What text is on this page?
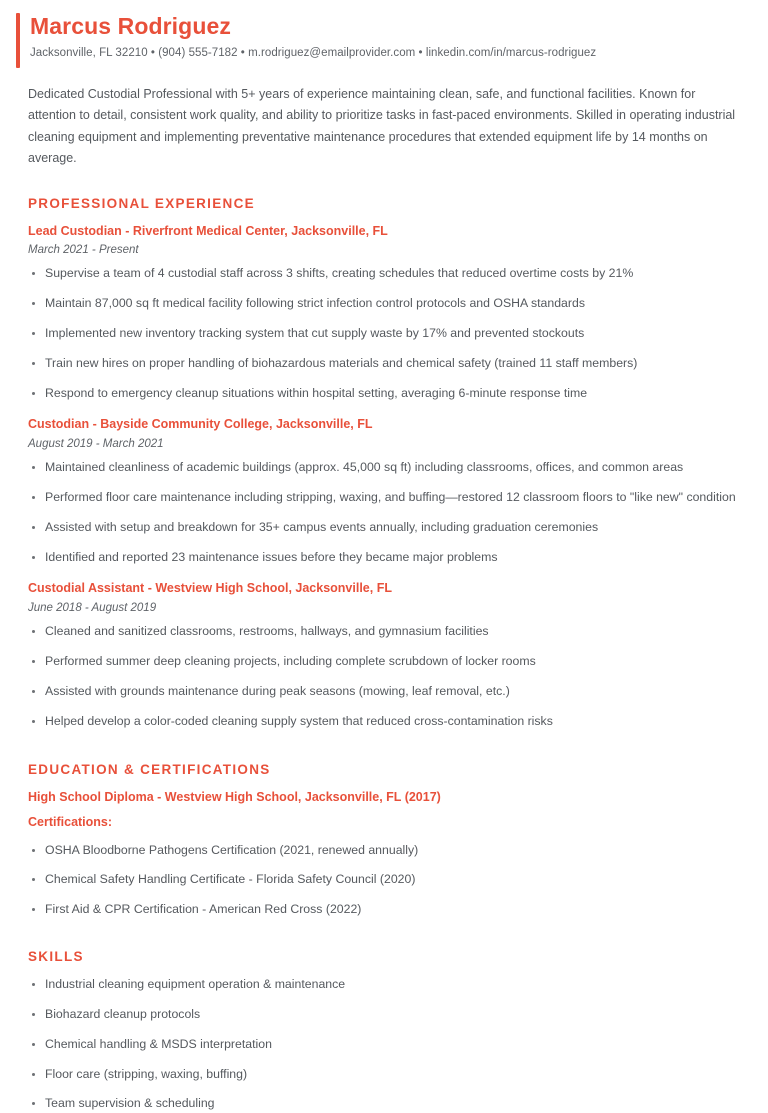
Marcus Rodriguez

Jacksonville, FL 32210 • (904) 555-7182 • m.rodriguez@emailprovider.com • linkedin.com/in/marcus-rodriguez

Dedicated Custodial Professional with 5+ years of experience maintaining clean, safe, and functional facilities. Known for attention to detail, consistent work quality, and ability to prioritize tasks in fast-paced environments. Skilled in operating industrial cleaning equipment and implementing preventative maintenance procedures that extended equipment life by 14 months on average.

PROFESSIONAL EXPERIENCE
Lead Custodian - Riverfront Medical Center, Jacksonville, FL
March 2021 - Present
Supervise a team of 4 custodial staff across 3 shifts, creating schedules that reduced overtime costs by 21%
Maintain 87,000 sq ft medical facility following strict infection control protocols and OSHA standards
Implemented new inventory tracking system that cut supply waste by 17% and prevented stockouts
Train new hires on proper handling of biohazardous materials and chemical safety (trained 11 staff members)
Respond to emergency cleanup situations within hospital setting, averaging 6-minute response time
Custodian - Bayside Community College, Jacksonville, FL
August 2019 - March 2021
Maintained cleanliness of academic buildings (approx. 45,000 sq ft) including classrooms, offices, and common areas
Performed floor care maintenance including stripping, waxing, and buffing—restored 12 classroom floors to "like new" condition
Assisted with setup and breakdown for 35+ campus events annually, including graduation ceremonies
Identified and reported 23 maintenance issues before they became major problems
Custodial Assistant - Westview High School, Jacksonville, FL
June 2018 - August 2019
Cleaned and sanitized classrooms, restrooms, hallways, and gymnasium facilities
Performed summer deep cleaning projects, including complete scrubdown of locker rooms
Assisted with grounds maintenance during peak seasons (mowing, leaf removal, etc.)
Helped develop a color-coded cleaning supply system that reduced cross-contamination risks
EDUCATION & CERTIFICATIONS
High School Diploma - Westview High School, Jacksonville, FL (2017)
Certifications:
OSHA Bloodborne Pathogens Certification (2021, renewed annually)
Chemical Safety Handling Certificate - Florida Safety Council (2020)
First Aid & CPR Certification - American Red Cross (2022)
SKILLS
Industrial cleaning equipment operation & maintenance
Biohazard cleanup protocols
Chemical handling & MSDS interpretation
Floor care (stripping, waxing, buffing)
Team supervision & scheduling
